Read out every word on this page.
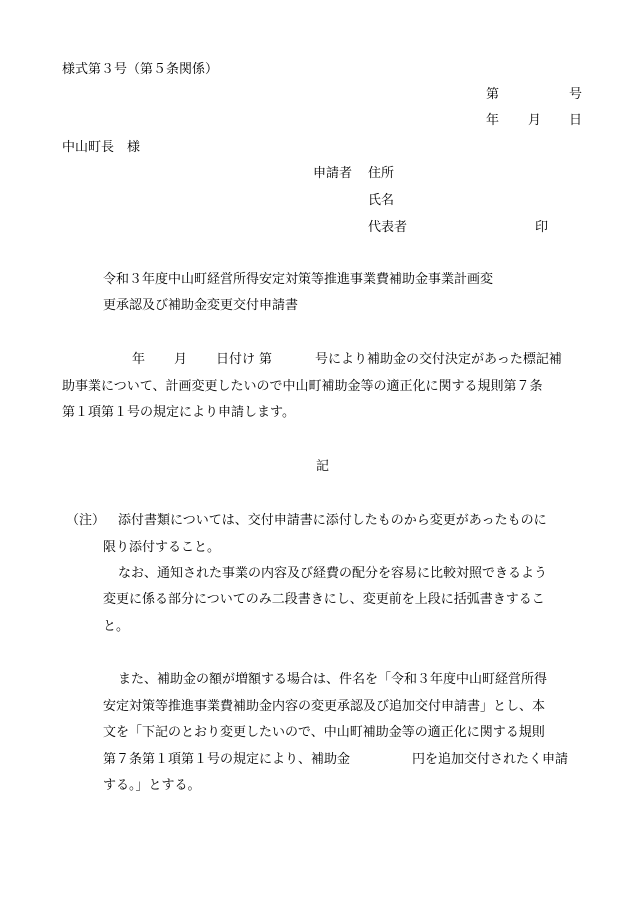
様式第３号（第５条関係）
第	号
年 月 日
中山町長　様
申請者 住所
氏名
代表者	印
令和３年度中山町経営所得安定対策等推進事業費補助金事業計画変
更承認及び補助金変更交付申請書
年 月 日付け 第	号により補助金の交付決定があった標記補
助事業について、計画変更したいので中山町補助金等の適正化に関する規則第７条
第１項第１号の規定により申請します。
記
（注） 添付書類については、交付申請書に添付したものから変更があったものに
限り添付すること。
なお、通知された事業の内容及び経費の配分を容易に比較対照できるよう
変更に係る部分についてのみ二段書きにし、変更前を上段に括弧書きするこ
と。
また、補助金の額が増額する場合は、件名を「令和３年度中山町経営所得
安定対策等推進事業費補助金内容の変更承認及び追加交付申請書」とし、本
文を「下記のとおり変更したいので、中山町補助金等の適正化に関する規則
第７条第１項第１号の規定により、補助金	円を追加交付されたく申請
する。」とする。
